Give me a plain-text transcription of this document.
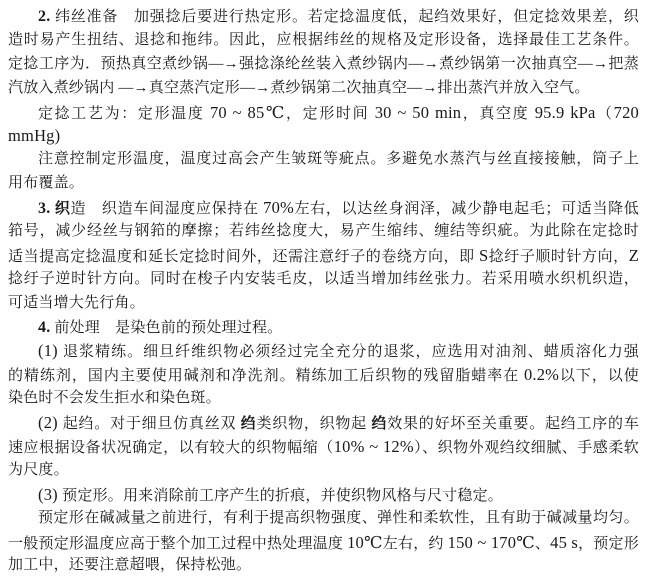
2. 纬丝准备　加强捻后要进行热定形。若定捻温度低，起绉效果好，但定捻效果差，织
造时易产生扭结、退捻和拖纬。因此，应根据纬丝的规格及定形设备，选择最佳工艺条件。
定捻工序为．预热真空煮纱锅—→强捻涤纶丝装入煮纱锅内—→煮纱锅第一次抽真空—→把蒸
汽放入煮纱锅内 —→真空蒸汽定形—→煮纱锅第二次抽真空—→排出蒸汽并放入空气。
定捻工艺为：定形温度 70 ~ 85℃，定形时间 30 ~ 50 min，真空度 95.9 kPa（720
mmHg)
注意控制定形温度，温度过高会产生皱斑等疵点。多避免水蒸汽与丝直接接触，筒子上
用布覆盖。
3. 织造　织造车间湿度应保持在 70%左右，以达丝身润泽，减少静电起毛；可适当降低
筘号，减少经丝与钢筘的摩擦；若纬丝捻度大，易产生缩纬、缠结等织疵。为此除在定捻时
适当提高定捻温度和延长定捻时间外，还需注意纡子的卷绕方向，即 S捻纡子顺时针方向，Z
捻纡子逆时针方向。同时在梭子内安装毛皮，以适当增加纬丝张力。若采用喷水织机织造，
可适当增大先行角。
4. 前处理　是染色前的预处理过程。
(1) 退浆精练。细旦纤维织物必须经过完全充分的退浆，应选用对油剂、蜡质溶化力强
的精练剂，国内主要使用碱剂和净洗剂。精练加工后织物的残留脂蜡率在 0.2%以下，以使
染色时不会发生拒水和染色斑。
(2) 起绉。对于细旦仿真丝双 绉类织物，织物起 绉效果的好坏至关重要。起绉工序的车
速应根据设备状况确定，以有较大的织物幅缩（10% ~ 12%）、织物外观绉纹细腻、手感柔软
为尺度。
(3) 预定形。用来消除前工序产生的折痕，并使织物风格与尺寸稳定。
预定形在碱减量之前进行，有利于提高织物强度、弹性和柔软性，且有助于碱减量均匀。
一般预定形温度应高于整个加工过程中热处理温度 10℃左右，约 150 ~ 170℃、45 s，预定形
加工中，还要注意超喂，保持松弛。
